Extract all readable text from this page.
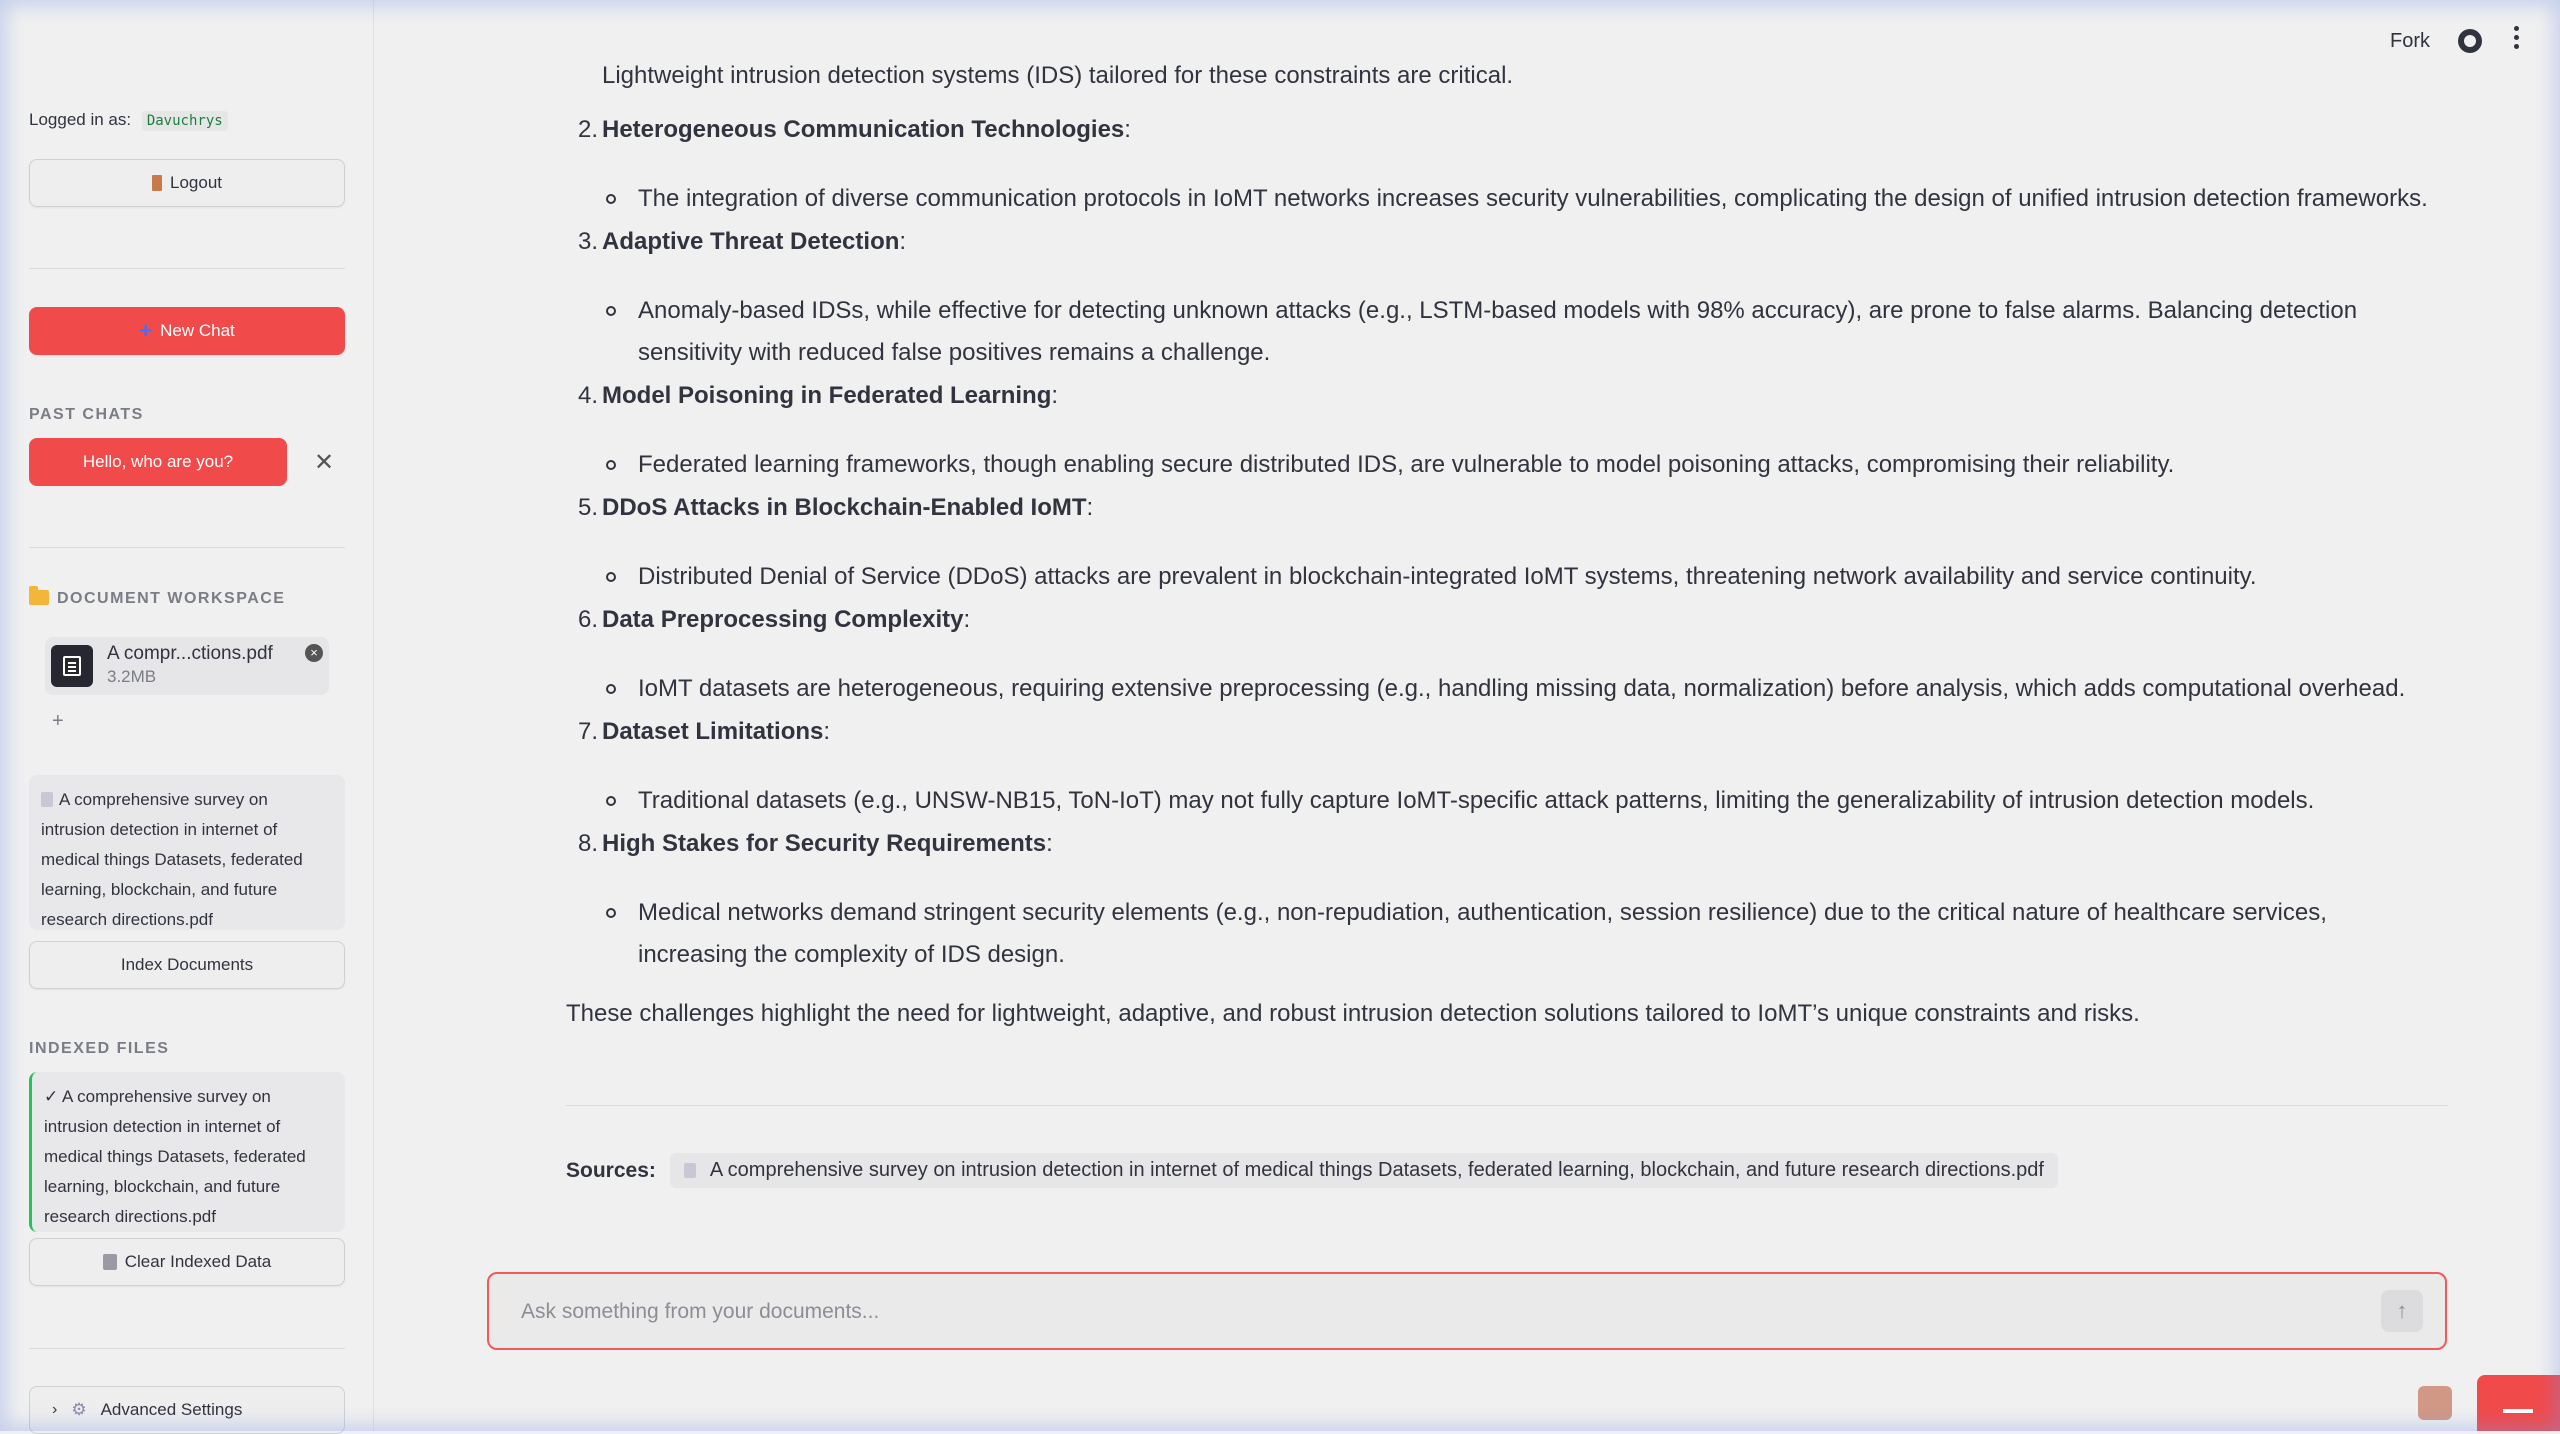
Logged in as: Davuchrys
Logout
+ New Chat
PAST CHATS
Hello, who are you?	✕
DOCUMENT WORKSPACE
A compr...ctions.pdf
3.2MB
×
+
A comprehensive survey on intrusion detection in internet of medical things Datasets, federated learning, blockchain, and future research directions.pdf
Index Documents
INDEXED FILES
✓ A comprehensive survey on intrusion detection in internet of medical things Datasets, federated learning, blockchain, and future research directions.pdf
Clear Indexed Data
› ⚙ Advanced Settings
Fork
Lightweight intrusion detection systems (IDS) tailored for these constraints are critical.
2. Heterogeneous Communication Technologies:
The integration of diverse communication protocols in IoMT networks increases security vulnerabilities, complicating the design of unified intrusion detection frameworks.
3. Adaptive Threat Detection:
Anomaly-based IDSs, while effective for detecting unknown attacks (e.g., LSTM-based models with 98% accuracy), are prone to false alarms. Balancing detection sensitivity with reduced false positives remains a challenge.
4. Model Poisoning in Federated Learning:
Federated learning frameworks, though enabling secure distributed IDS, are vulnerable to model poisoning attacks, compromising their reliability.
5. DDoS Attacks in Blockchain-Enabled IoMT:
Distributed Denial of Service (DDoS) attacks are prevalent in blockchain-integrated IoMT systems, threatening network availability and service continuity.
6. Data Preprocessing Complexity:
IoMT datasets are heterogeneous, requiring extensive preprocessing (e.g., handling missing data, normalization) before analysis, which adds computational overhead.
7. Dataset Limitations:
Traditional datasets (e.g., UNSW-NB15, ToN-IoT) may not fully capture IoMT-specific attack patterns, limiting the generalizability of intrusion detection models.
8. High Stakes for Security Requirements:
Medical networks demand stringent security elements (e.g., non-repudiation, authentication, session resilience) due to the critical nature of healthcare services, increasing the complexity of IDS design.
These challenges highlight the need for lightweight, adaptive, and robust intrusion detection solutions tailored to IoMT’s unique constraints and risks.
Sources:	A comprehensive survey on intrusion detection in internet of medical things Datasets, federated learning, blockchain, and future research directions.pdf
Ask something from your documents...
↑
